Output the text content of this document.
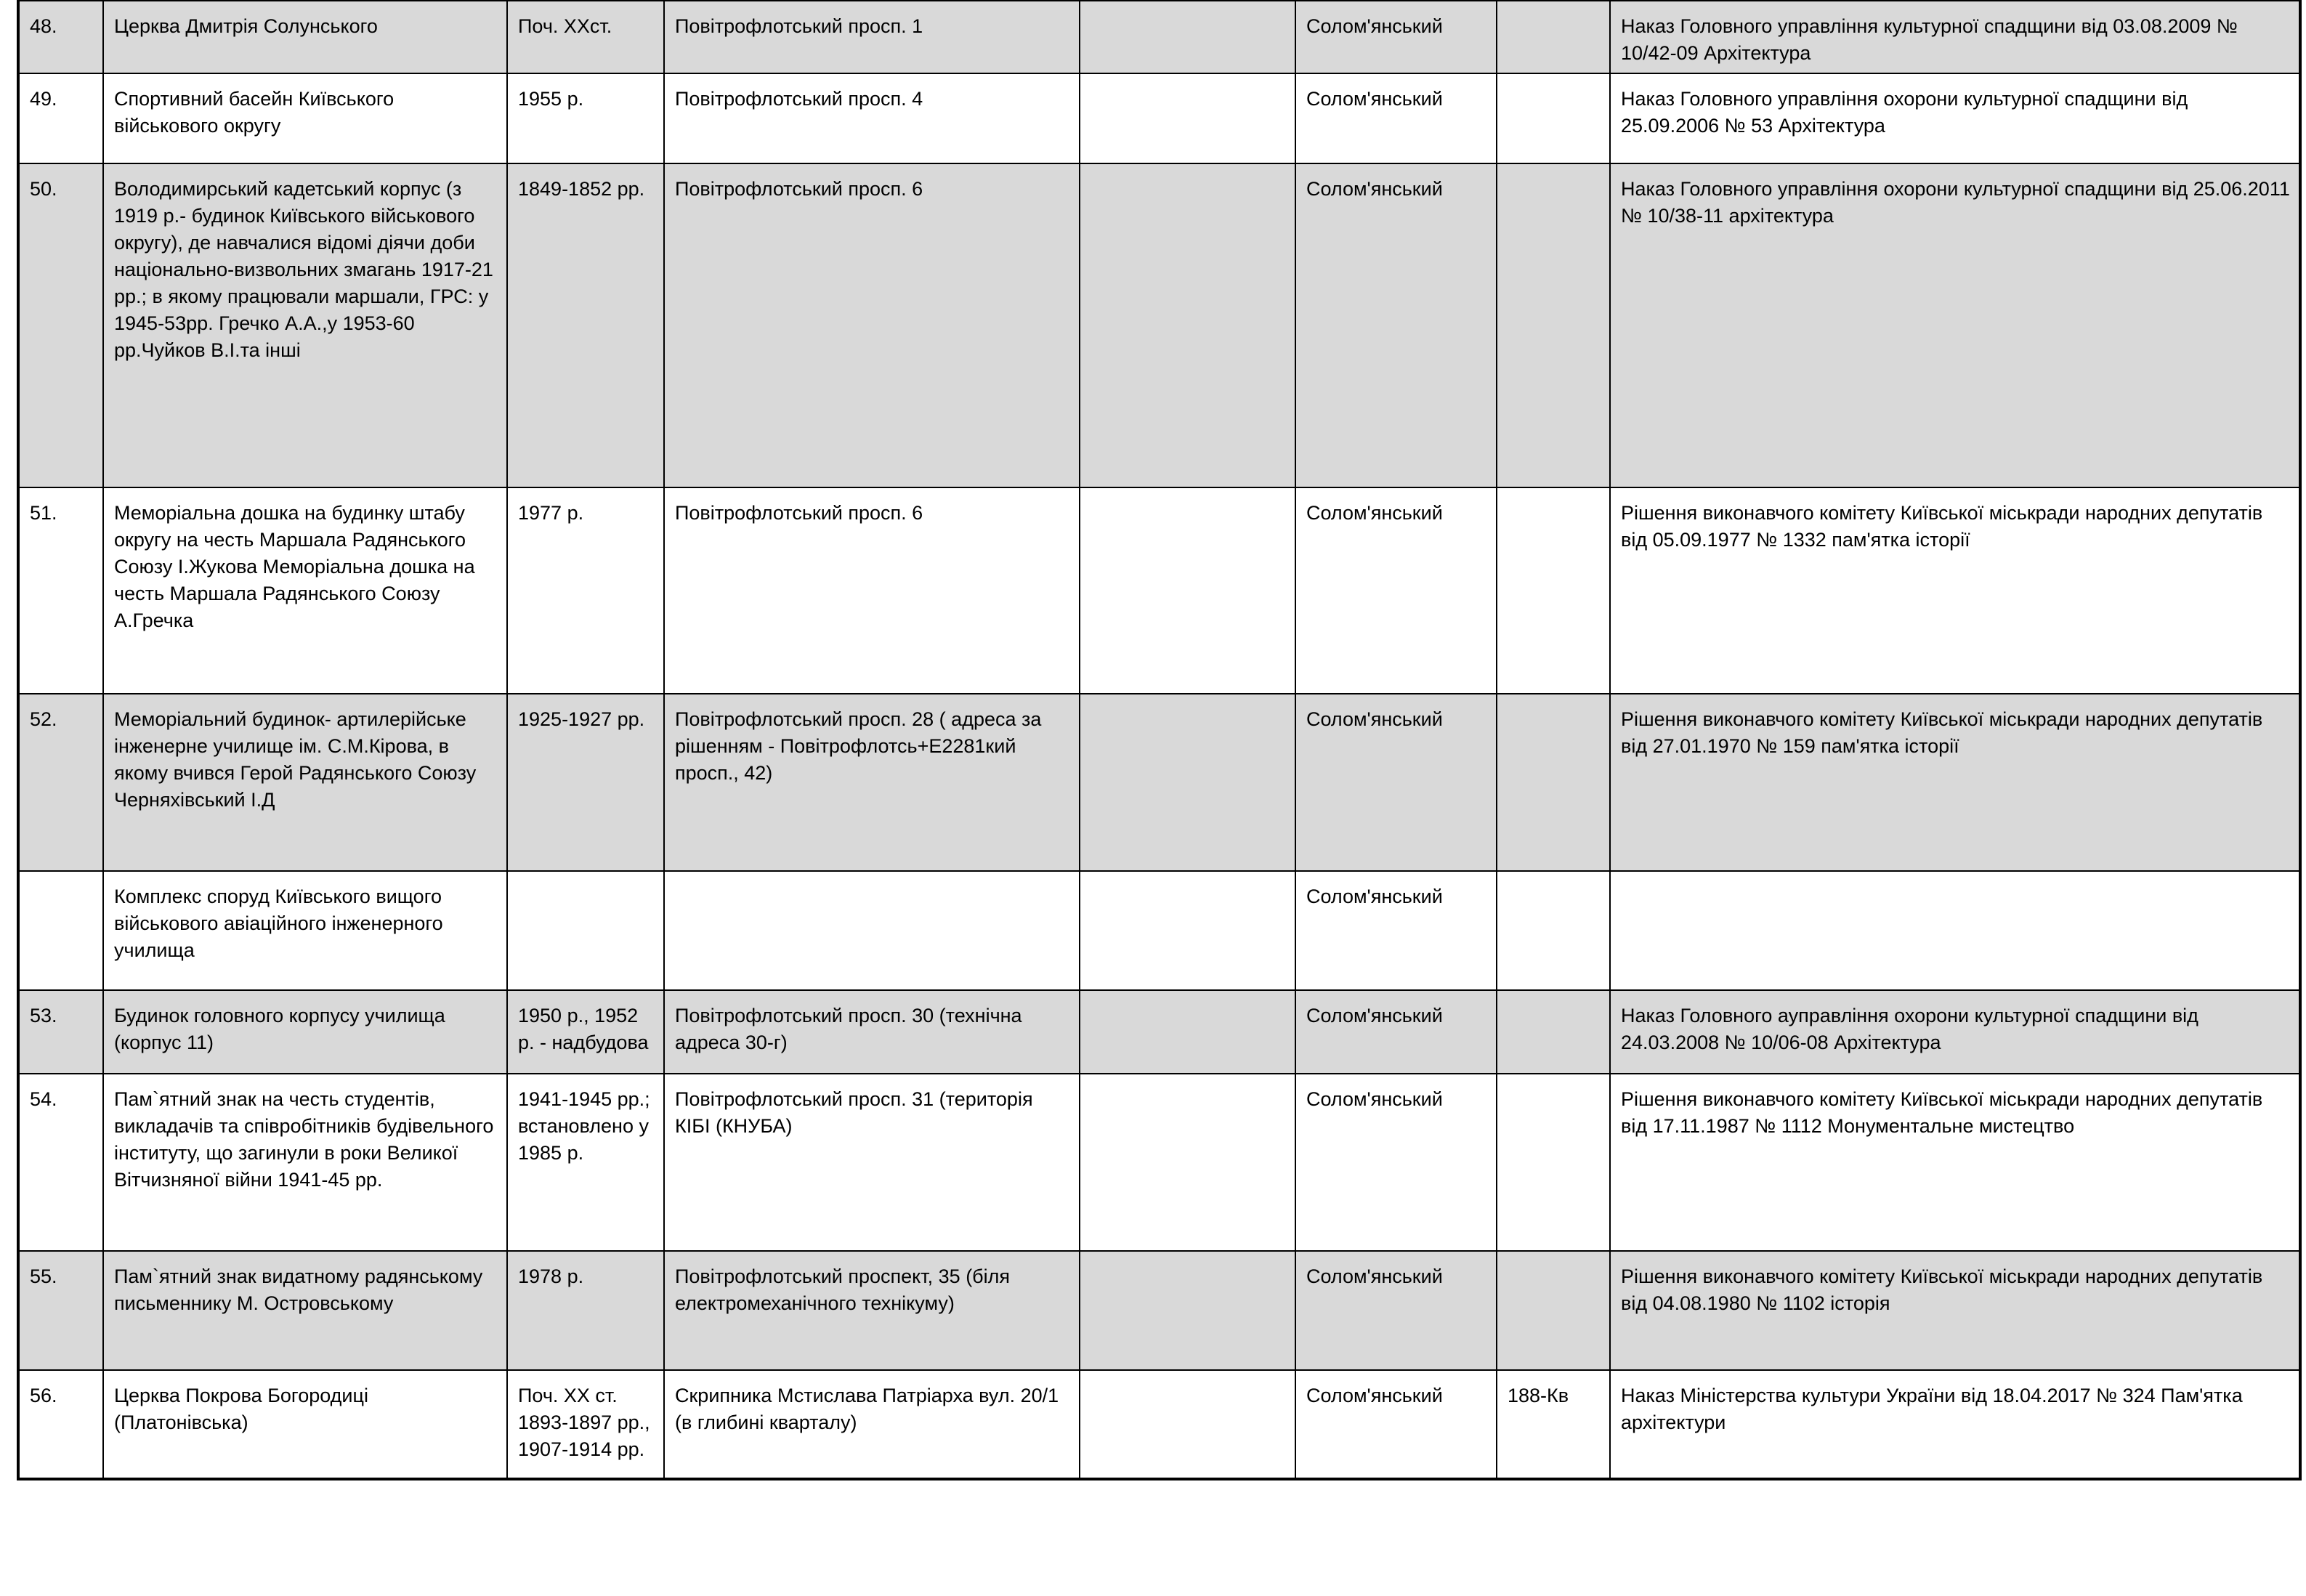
48.	Церква Дмитрія Солунського	Поч. ХХст.	Повітрофлотський просп. 1		Солом'янський		Наказ Головного управління культурної спадщини від 03.08.2009 № 10/42-09 Архітектура
49.	Спортивний басейн Київського військового округу	1955 р.	Повітрофлотський просп. 4		Солом'янський		Наказ Головного управління охорони культурної спадщини від 25.09.2006 № 53 Архітектура
50.	Володимирський кадетський корпус (з 1919 р.- будинок Київського військового округу), де навчалися відомі діячи доби національно-визвольних змагань 1917-21 рр.; в якому працювали маршали, ГРС: у 1945-53рр. Гречко А.А.,у 1953-60 рр.Чуйков В.І.та інші	1849-1852 рр.	Повітрофлотський просп. 6		Солом'янський		Наказ Головного управління охорони культурної спадщини від 25.06.2011 № 10/38-11 архітектура
51.	Меморіальна дошка на будинку штабу округу на честь Маршала Радянського Союзу І.Жукова Меморіальна дошка на честь Маршала Радянського Союзу А.Гречка	1977 р.	Повітрофлотський просп. 6		Солом'янський		Рішення виконавчого комітету Київської міськради народних депутатів від 05.09.1977 № 1332 пам'ятка історії
52.	Меморіальний будинок- артилерійське інженерне училище ім. С.М.Кірова, в якому вчився Герой Радянського Союзу Черняхівський І.Д	1925-1927 рр.	Повітрофлотський просп. 28 ( адреса за рішенням - Повітрофлотсь+E2281кий просп., 42)		Солом'янський		Рішення виконавчого комітету Київської міськради народних депутатів від 27.01.1970 № 159 пам'ятка історії
	Комплекс споруд Київського вищого військового авіаційного інженерного училища				Солом'янський		
53.	Будинок головного корпусу училища (корпус 11)	1950 р., 1952 р. - надбудова	Повітрофлотський просп. 30 (технічна адреса 30-г)		Солом'янський		Наказ Головного ауправління охорони культурної спадщини від 24.03.2008 № 10/06-08 Архітектура
54.	Пам`ятний знак на честь студентів, викладачів та співробітників будівельного інституту, що загинули в роки Великої Вітчизняної війни 1941-45 рр.	1941-1945 рр.; встановлено у 1985 р.	Повітрофлотський просп. 31 (територія КІБІ (КНУБА)		Солом'янський		Рішення виконавчого комітету Київської міськради народних депутатів від 17.11.1987 № 1112 Монументальне мистецтво
55.	Пам`ятний знак видатному радянському письменнику М. Островському	1978 р.	Повітрофлотський проспект, 35 (біля електромеханічного технікуму)		Солом'янський		Рішення виконавчого комітету Київської міськради народних депутатів від 04.08.1980 № 1102 історія
56.	Церква Покрова Богородиці (Платонівська)	Поч. ХХ ст. 1893-1897 рр., 1907-1914 рр.	Скрипника Мстислава Патріарха вул. 20/1 (в глибині кварталу)		Солом'янський	188-Кв	Наказ Міністерства культури України від 18.04.2017 № 324 Пам'ятка архітектури
